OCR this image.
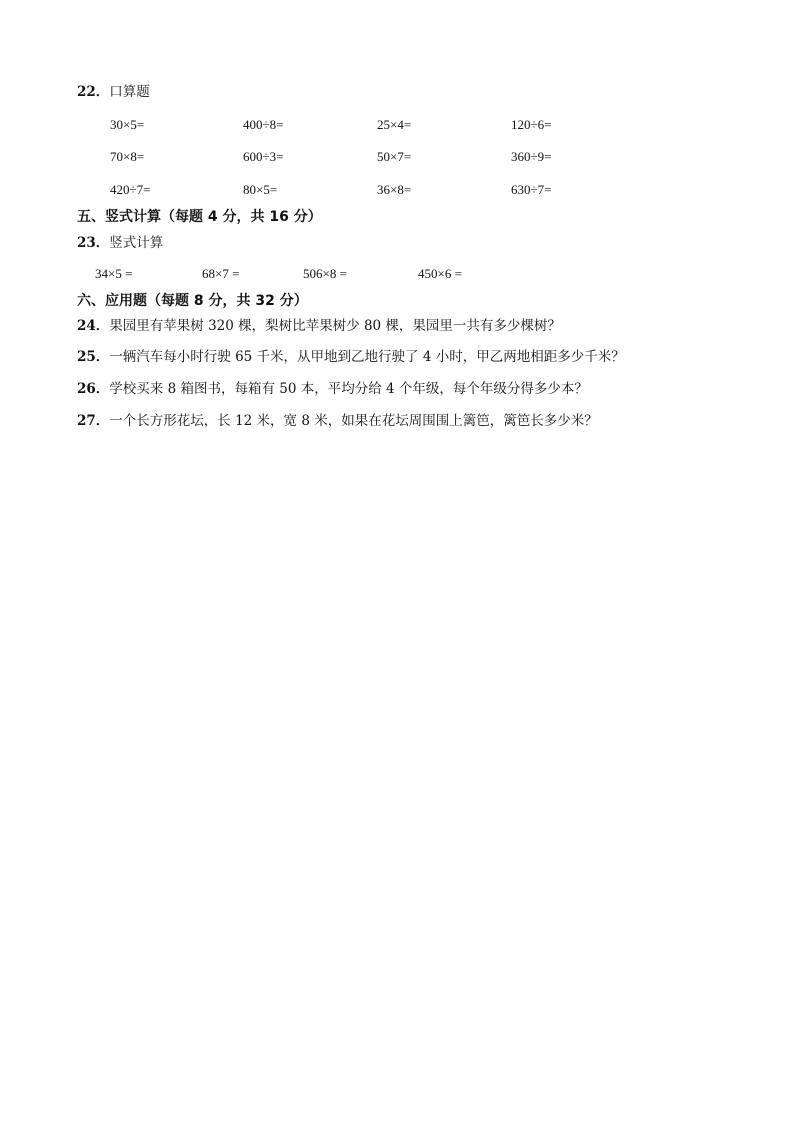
22．口算题
30×5=	400÷8=	25×4=	120÷6=
70×8=	600÷3=	50×7=	360÷9=
420÷7=	80×5=	36×8=	630÷7=
五、竖式计算（每题 4 分，共 16 分）
23．竖式计算
34×5 =	68×7 =	506×8 =	450×6 =
六、应用题（每题 8 分，共 32 分）
24．果园里有苹果树 320 棵，梨树比苹果树少 80 棵，果园里一共有多少棵树？
25．一辆汽车每小时行驶 65 千米，从甲地到乙地行驶了 4 小时，甲乙两地相距多少千米？
26．学校买来 8 箱图书，每箱有 50 本，平均分给 4 个年级，每个年级分得多少本？
27．一个长方形花坛，长 12 米，宽 8 米，如果在花坛周围围上篱笆，篱笆长多少米？
